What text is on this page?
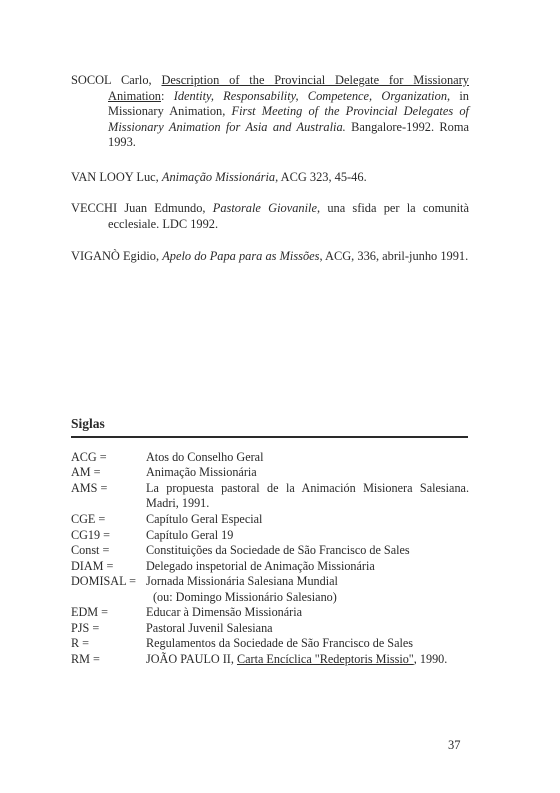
SOCOL Carlo, Description of the Provincial Delegate for Missionary Animation: Identity, Responsability, Competence, Organization, in Missionary Animation, First Meeting of the Provincial Delegates of Missionary Animation for Asia and Australia. Bangalore-1992. Roma 1993.

VAN LOOY Luc, Animação Missionária, ACG 323, 45-46.

VECCHI Juan Edmundo, Pastorale Giovanile, una sfida per la comunità ecclesiale. LDC 1992.

VIGANÒ Egidio, Apelo do Papa para as Missões, ACG, 336, abril-junho 1991.

Siglas
ACG =	Atos do Conselho Geral
AM =	Animação Missionária
AMS =	La propuesta pastoral de la Animación Misionera Salesiana. Madri, 1991.
CGE =	Capítulo Geral Especial
CG19 =	Capítulo Geral 19
Const =	Constituições da Sociedade de São Francisco de Sales
DIAM =	Delegado inspetorial de Animação Missionária
DOMISAL = Jornada Missionária Salesiana Mundial
(ou: Domingo Missionário Salesiano)
EDM =	Educar à Dimensão Missionária
PJS =	Pastoral Juvenil Salesiana
R =	Regulamentos da Sociedade de São Francisco de Sales
RM =	JOÃO PAULO II, Carta Encíclica "Redeptoris Missio", 1990.
37
